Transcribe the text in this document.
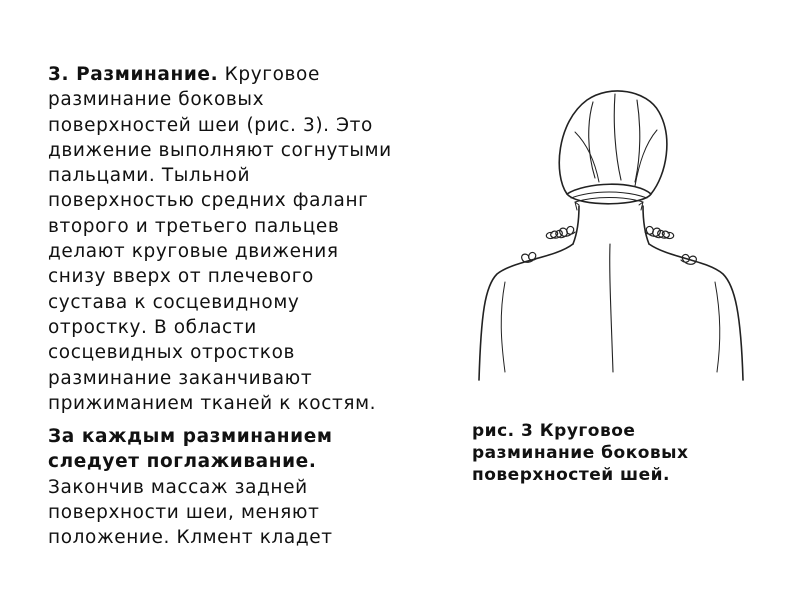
3. Разминание. Круговое разминание боковых поверхностей шеи (рис. 3). Это движение выполняют согнутыми пальцами. Тыльной поверхностью средних фаланг второго и третьего пальцев делают круговые движения снизу вверх от плечевого сустава к сосцевидному отростку. В области сосцевидных отростков разминание заканчивают прижиманием тканей к костям.

За каждым разминанием следует поглаживание. Закончив массаж задней поверхности шеи, меняют положение. Клмент кладет

рис. 3 Круговое
разминание боковых
поверхностей шей.
